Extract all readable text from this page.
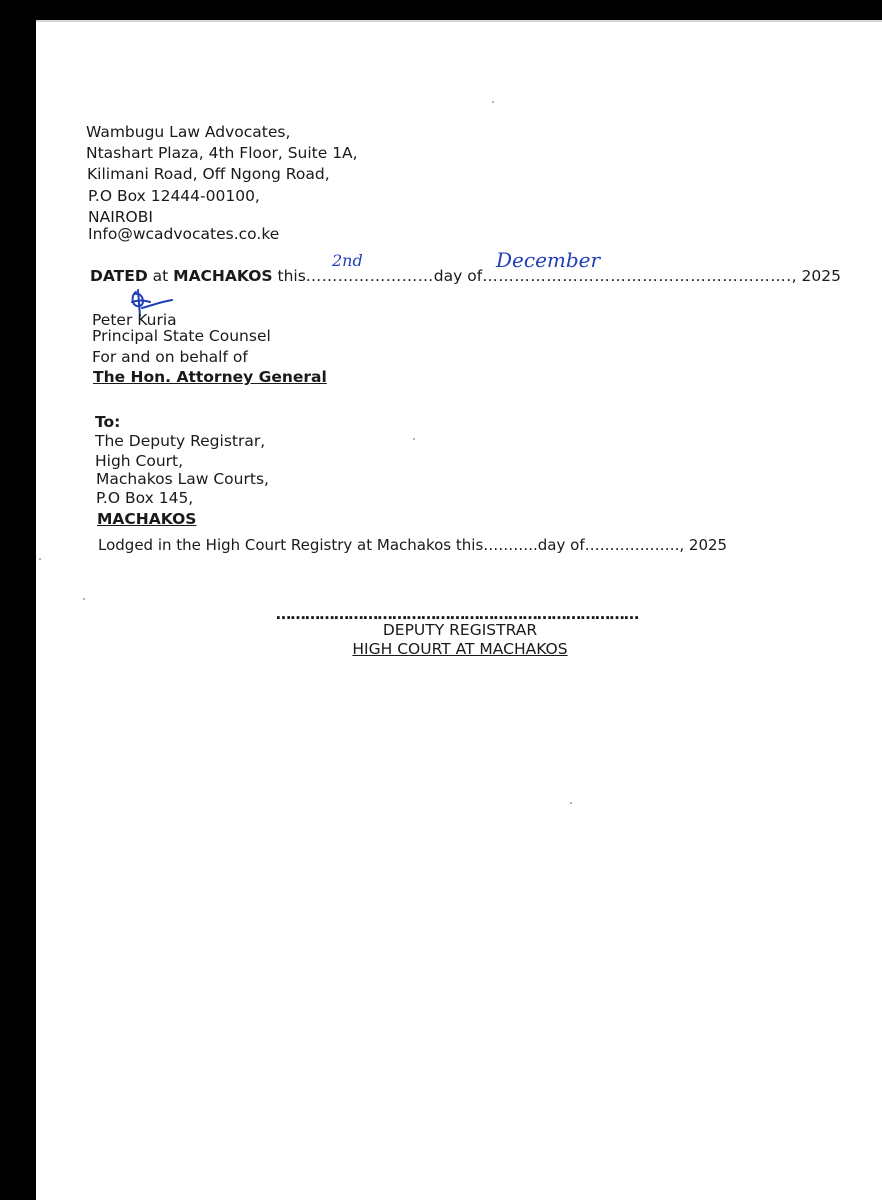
Wambugu Law Advocates,
Ntashart Plaza, 4th Floor, Suite 1A,
Kilimani Road, Off Ngong Road,
P.O Box 12444-00100,
NAIROBI
Info@wcadvocates.co.ke
DATED at MACHAKOS this……………………day of…………………………………………………., 2025
2nd	December
Peter Kuria
Principal State Counsel
For and on behalf of
The Hon. Attorney General
To:
The Deputy Registrar,
High Court,
Machakos Law Courts,
P.O Box 145,
MACHAKOS
Lodged in the High Court Registry at Machakos this………..day of………………., 2025
…………………………………………………………………
DEPUTY REGISTRAR
HIGH COURT AT MACHAKOS
